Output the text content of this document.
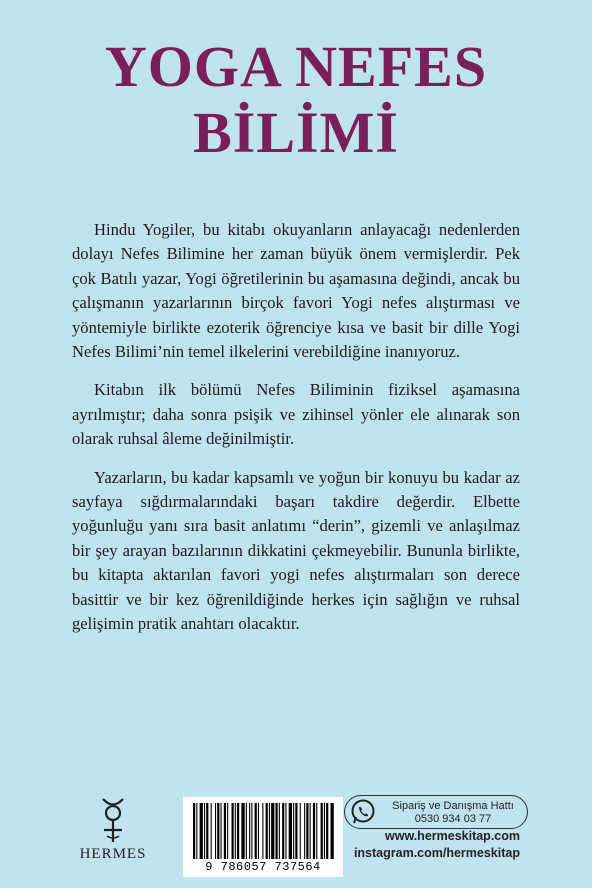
YOGA NEFES
BİLİMİ

Hindu Yogiler, bu kitabı okuyanların anlayacağı nedenlerden dolayı Nefes Bilimine her zaman büyük önem vermişlerdir. Pek çok Batılı yazar, Yogi öğretilerinin bu aşamasına değindi, ancak bu çalışmanın yazarlarının birçok favori Yogi nefes alıştırması ve yöntemiyle birlikte ezoterik öğrenciye kısa ve basit bir dille Yogi Nefes Bilimi’nin temel ilkelerini verebildiğine inanıyoruz.

Kitabın ilk bölümü Nefes Biliminin fiziksel aşamasına ayrılmıştır; daha sonra psişik ve zihinsel yönler ele alınarak son olarak ruhsal âleme değinilmiştir.

Yazarların, bu kadar kapsamlı ve yoğun bir konuyu bu kadar az sayfaya sığdırmalarındaki başarı takdire değerdir. Elbette yoğunluğu yanı sıra basit anlatımı “derin”, gizemli ve anlaşılmaz bir şey arayan bazılarının dikkatini çekmeyebilir. Bununla birlikte, bu kitapta aktarılan favori yogi nefes alıştırmaları son derece basittir ve bir kez öğrenildiğinde herkes için sağlığın ve ruhsal gelişimin pratik anahtarı olacaktır.

HERMES
9 786057 737564
Sipariş ve Danışma Hattı
0530 934 03 77
www.hermeskitap.com
instagram.com/hermeskitap
